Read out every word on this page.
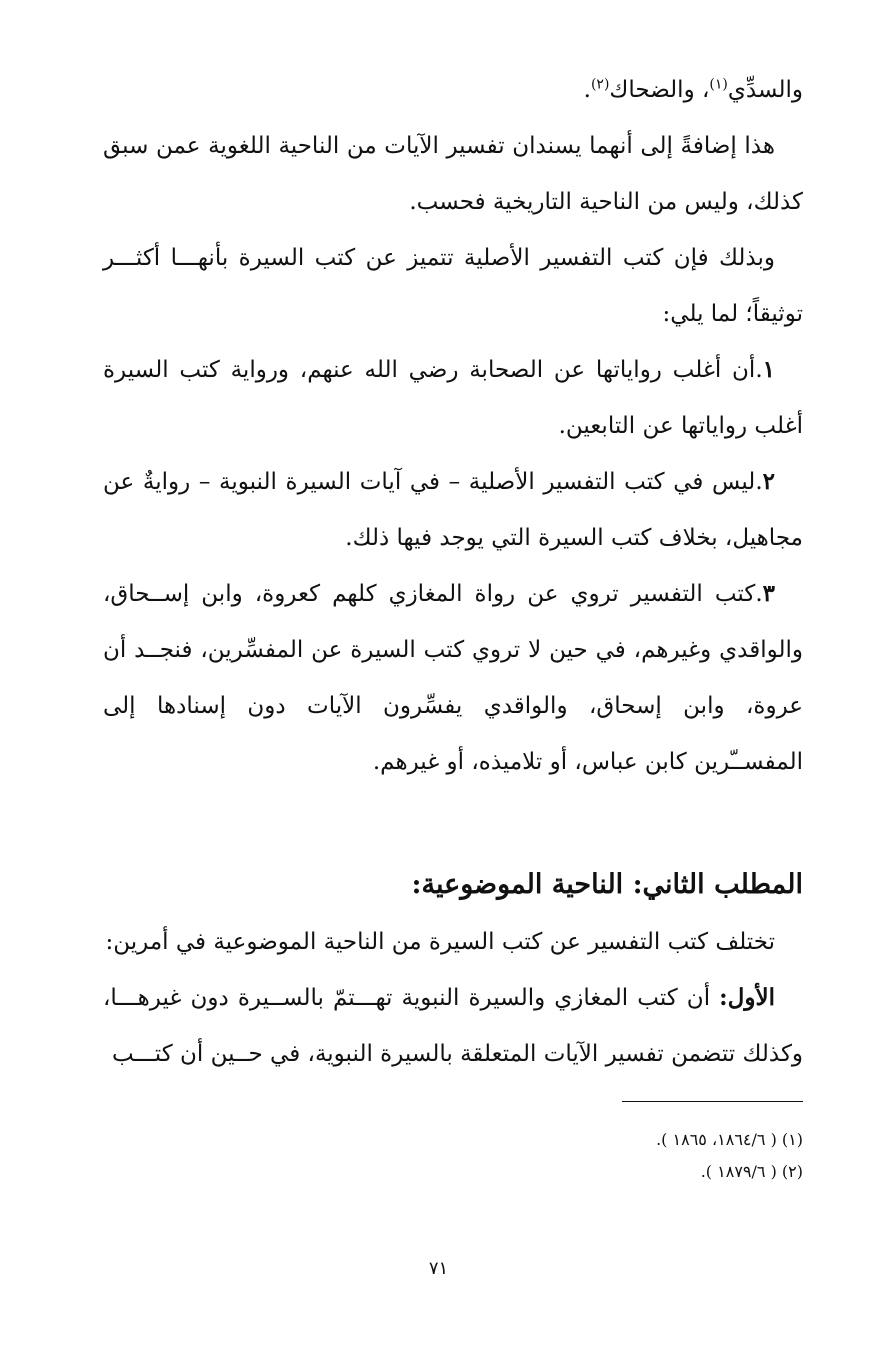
والسدِّي$^{(١)}$، والضحاك$^{(٢)}$.

هذا إضافةً إلى أنهما يسندان تفسير الآيات من الناحية اللغوية عمن سبق كذلك، وليس من الناحية التاريخية فحسب.

وبذلك فإن كتب التفسير الأصلية تتميز عن كتب السيرة بأنهـــا أكثـــر توثيقاً؛ لما يلي:

١.أن أغلب رواياتها عن الصحابة رضي الله عنهم، ورواية كتب السيرة أغلب رواياتها عن التابعين.

٢.ليس في كتب التفسير الأصلية – في آيات السيرة النبوية – روايةٌ عن مجاهيل، بخلاف كتب السيرة التي يوجد فيها ذلك.

٣.كتب التفسير تروي عن رواة المغازي كلهم كعروة، وابن إســحاق، والواقدي وغيرهم، في حين لا تروي كتب السيرة عن المفسِّرين، فنجــد أن عروة، وابن إسحاق، والواقدي يفسِّرون الآيات دون إسنادها إلى المفســّرين كابن عباس، أو تلاميذه، أو غيرهم.

المطلب الثاني: الناحية الموضوعية:

تختلف كتب التفسير عن كتب السيرة من الناحية الموضوعية في أمرين:

الأول: أن كتب المغازي والسيرة النبوية تهـــتمّ بالســيرة دون غيرهـــا، وكذلك تتضمن تفسير الآيات المتعلقة بالسيرة النبوية، في حــين أن كتـــب

(١) ( ١٨٦٤/٦، ١٨٦٥ ).

(٢) ( ١٨٧٩/٦ ).

٧١
